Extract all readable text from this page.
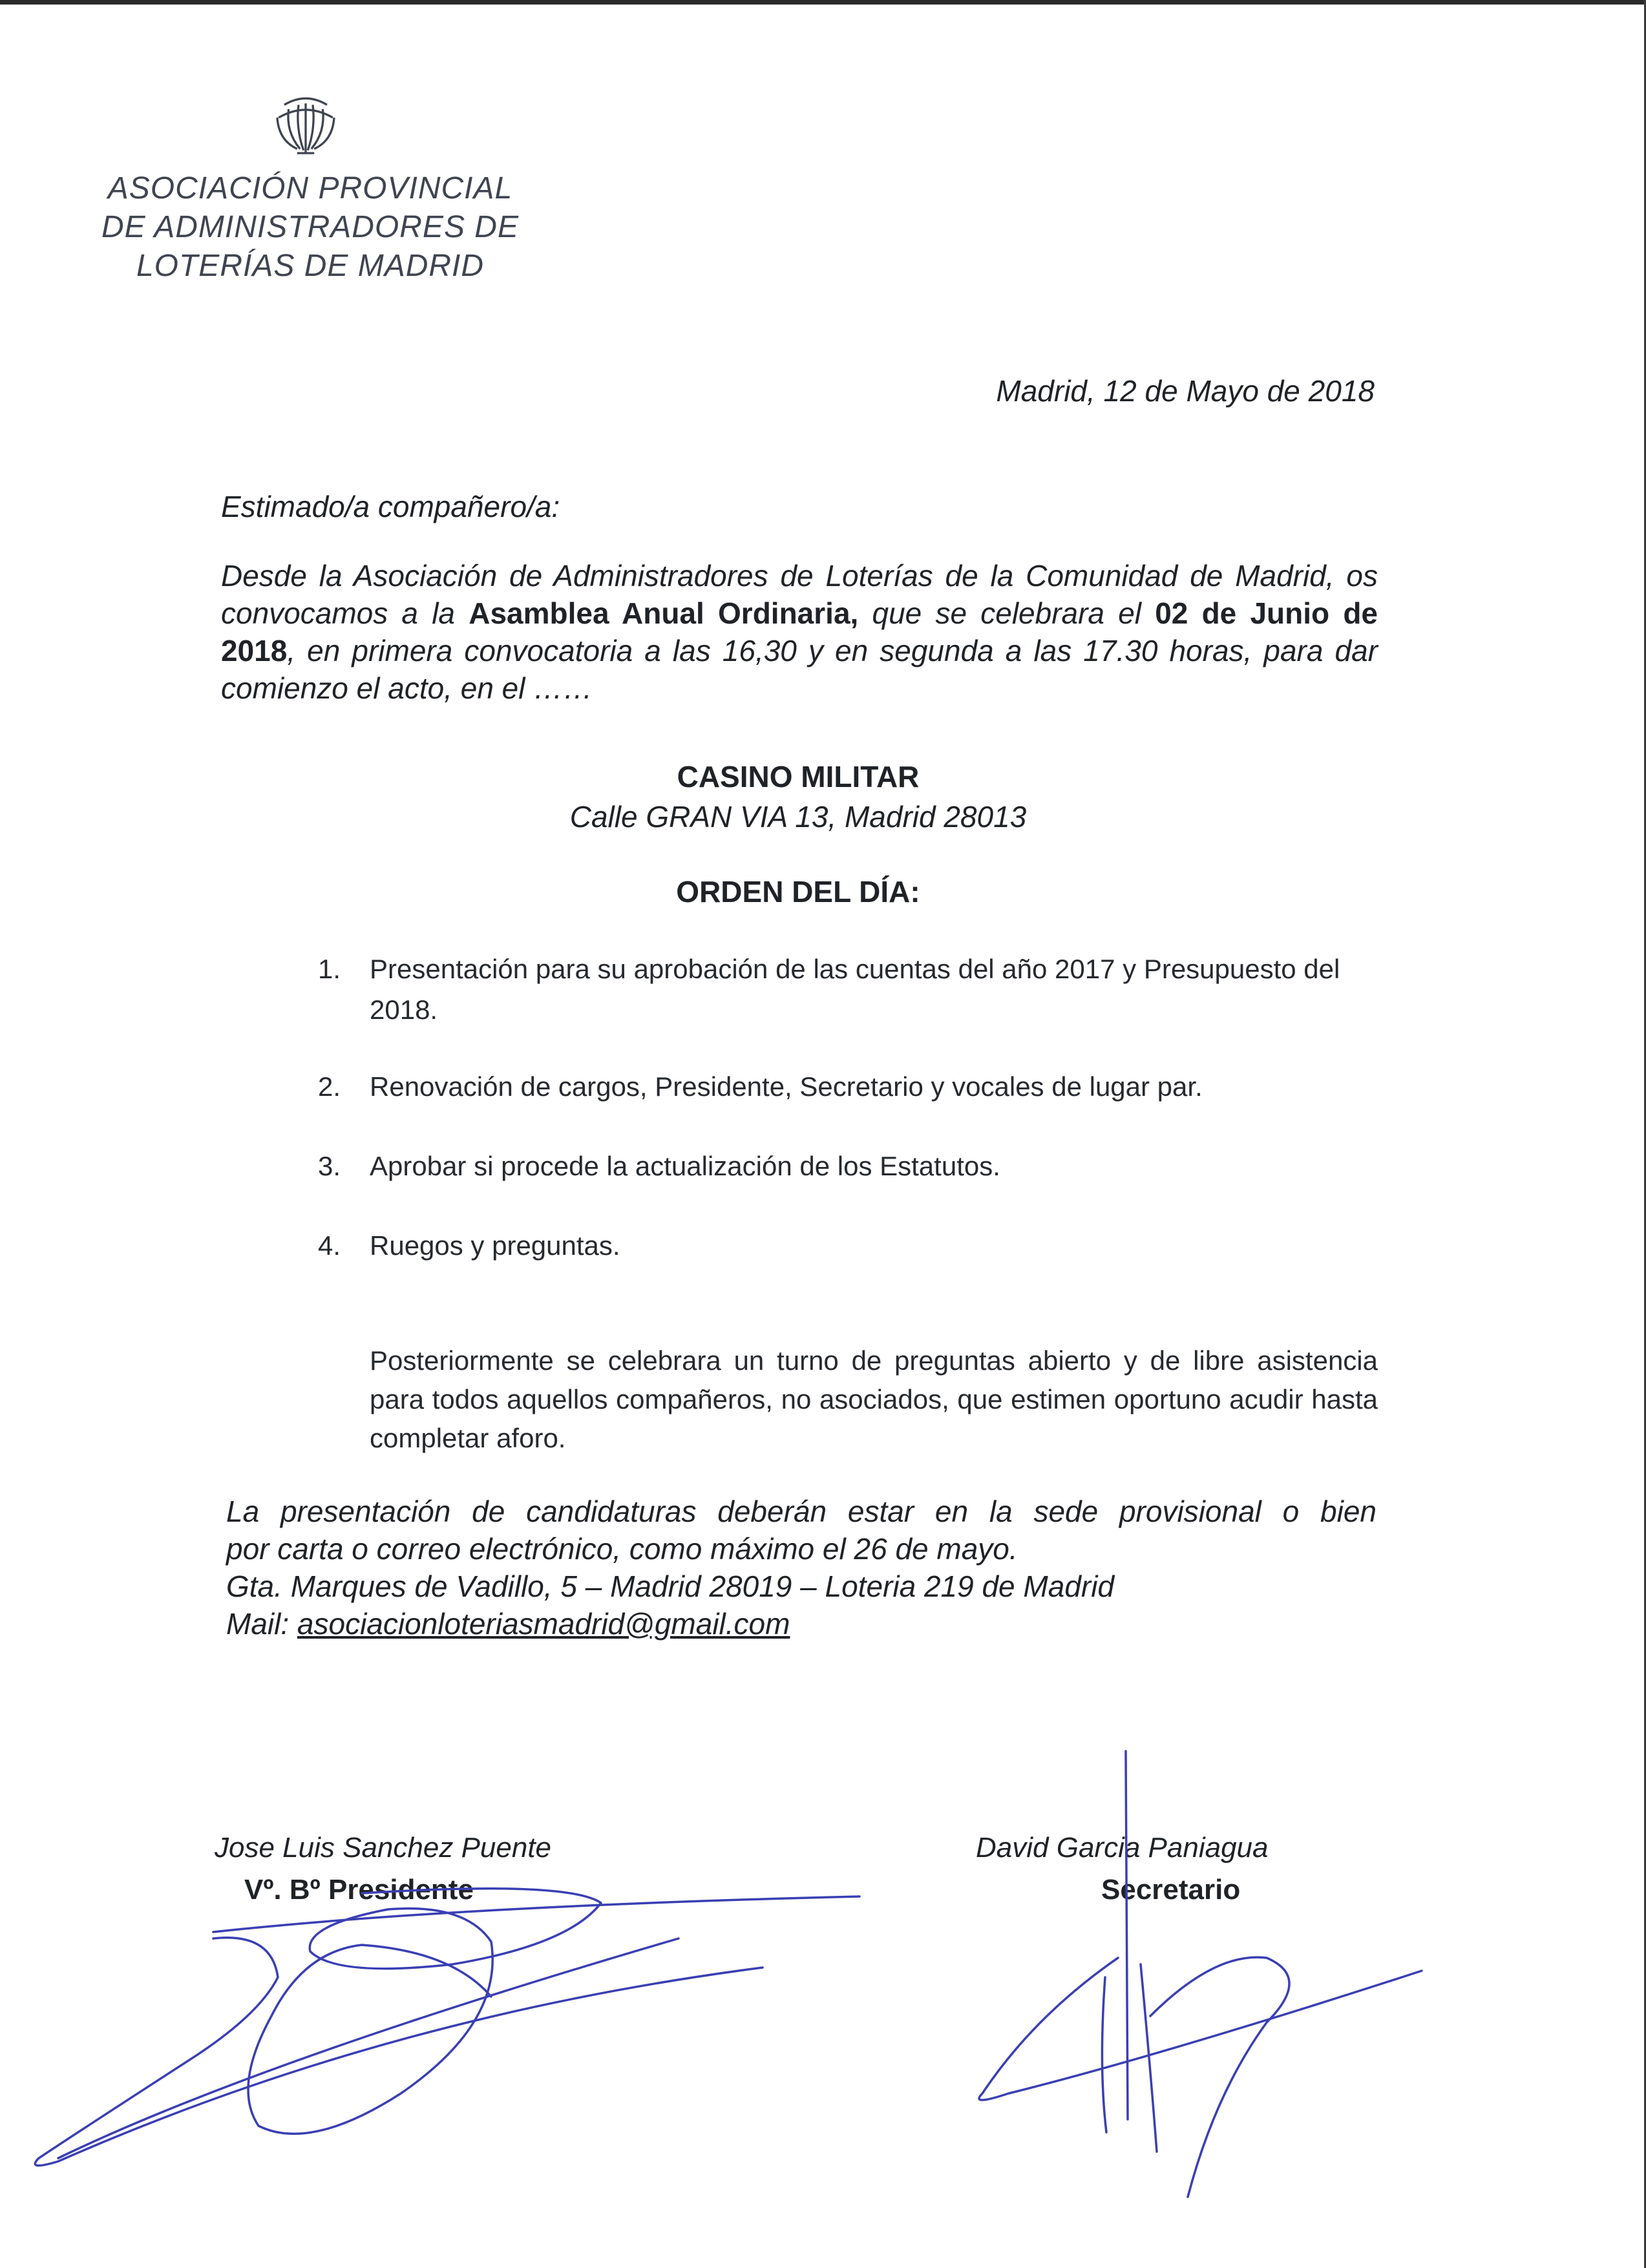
ASOCIACIÓN PROVINCIAL
DE ADMINISTRADORES DE
LOTERÍAS DE MADRID
Madrid, 12 de Mayo de 2018
Estimado/a compañero/a:
Desde la Asociación de Administradores de Loterías de la Comunidad de Madrid, os convocamos a la Asamblea Anual Ordinaria, que se celebrara el 02 de Junio de 2018, en primera convocatoria a las 16,30 y en segunda a las 17.30 horas, para dar comienzo el acto, en el ……
CASINO MILITAR
Calle GRAN VIA 13, Madrid 28013
ORDEN DEL DÍA:
1. Presentación para su aprobación de las cuentas del año 2017 y Presupuesto del 2018.
2. Renovación de cargos, Presidente, Secretario y vocales de lugar par.
3. Aprobar si procede la actualización de los Estatutos.
4. Ruegos y preguntas.
Posteriormente se celebrara un turno de preguntas abierto y de libre asistencia para todos aquellos compañeros, no asociados, que estimen oportuno acudir hasta completar aforo.
La presentación de candidaturas deberán estar en la sede provisional o bien
por carta o correo electrónico, como máximo el 26 de mayo.
Gta. Marques de Vadillo, 5 – Madrid 28019 – Loteria 219 de Madrid
Mail: asociacionloteriasmadrid@gmail.com
Jose Luis Sanchez Puente
Vº. Bº Presidente
David Garcia Paniagua
Secretario
